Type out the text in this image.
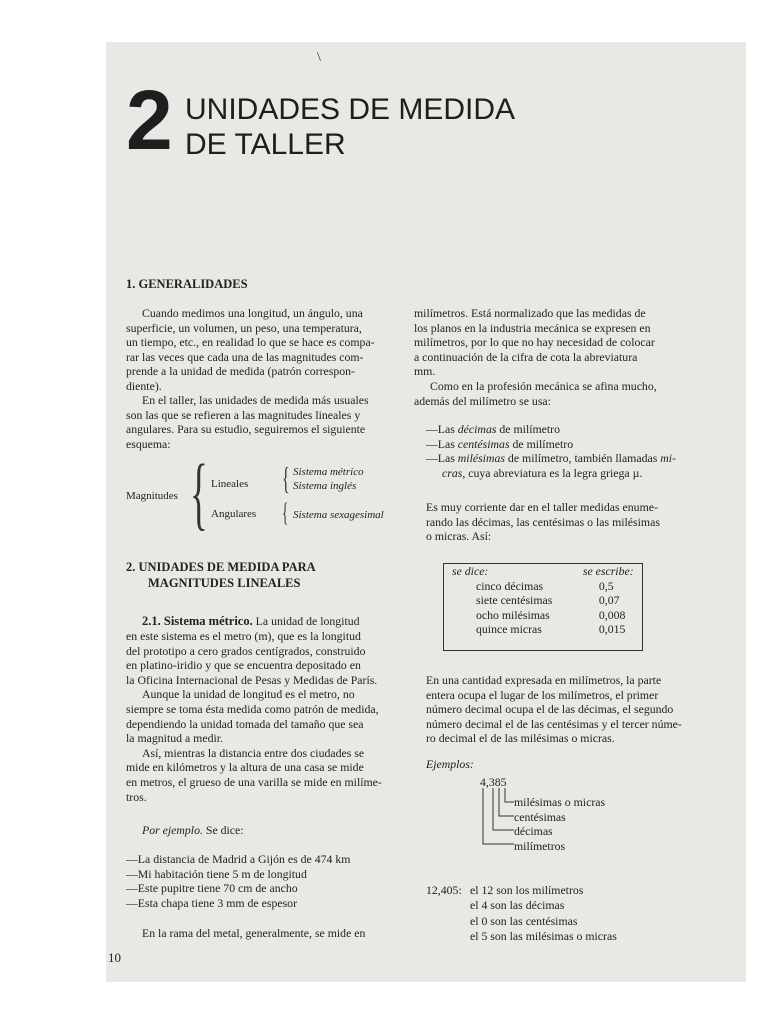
\
2 UNIDADES DE MEDIDA
DE TALLER
1. GENERALIDADES
Cuando medimos una longitud, un ángulo, una
superficie, un volumen, un peso, una temperatura,
un tiempo, etc., en realidad lo que se hace es compa-
rar las veces que cada una de las magnitudes com-
prende a la unidad de medida (patrón correspon-
diente).
En el taller, las unidades de medida más usuales
son las que se refieren a las magnitudes lineales y
angulares. Para su estudio, seguiremos el siguiente
esquema:
Magnitudes { Lineales
Angulares
{ Sistema métrico
Sistema inglés
{ Sistema sexagesimal
2. UNIDADES DE MEDIDA PARA
MAGNITUDES LINEALES
2.1. Sistema métrico. La unidad de longitud
en este sistema es el metro (m), que es la longitud
del prototipo a cero grados centígrados, construido
en platino-iridio y que se encuentra depositado en
la Oficina Internacional de Pesas y Medidas de París.
Aunque la unidad de longitud es el metro, no
siempre se toma ésta medida como patrón de medida,
dependiendo la unidad tomada del tamaño que sea
la magnitud a medir.
Así, mientras la distancia entre dos ciudades se
mide en kilómetros y la altura de una casa se mide
en metros, el grueso de una varilla se mide en milíme-
tros.
Por ejemplo. Se dice:
—La distancia de Madrid a Gijón es de 474 km
—Mi habitación tiene 5 m de longitud
—Este pupitre tiene 70 cm de ancho
—Esta chapa tiene 3 mm de espesor
En la rama del metal, generalmente, se mide en
10
milímetros. Está normalizado que las medidas de
los planos en la industria mecánica se expresen en
milímetros, por lo que no hay necesidad de colocar
a continuación de la cifra de cota la abreviatura
mm.
Como en la profesión mecánica se afina mucho,
además del milímetro se usa:
—Las décimas de milímetro
—Las centésimas de milímetro
—Las milésimas de milímetro, también llamadas mi-
cras, cuya abreviatura es la legra griega µ.
Es muy corriente dar en el taller medidas enume-
rando las décimas, las centésimas o las milésimas
o micras. Así:
se dice:	se escribe:
cinco décimas	0,5
siete centésimas	0,07
ocho milésimas	0,008
quince micras	0,015
En una cantidad expresada en milímetros, la parte
entera ocupa el lugar de los milímetros, el primer
número decimal ocupa el de las décimas, el segundo
número decimal el de las centésimas y el tercer núme-
ro decimal el de las milésimas o micras.
Ejemplos:
4,385
milésimas o micras
centésimas
décimas
milímetros
12,405: el 12 son los milímetros
el 4 son las décimas
el 0 son las centésimas
el 5 son las milésimas o micras
